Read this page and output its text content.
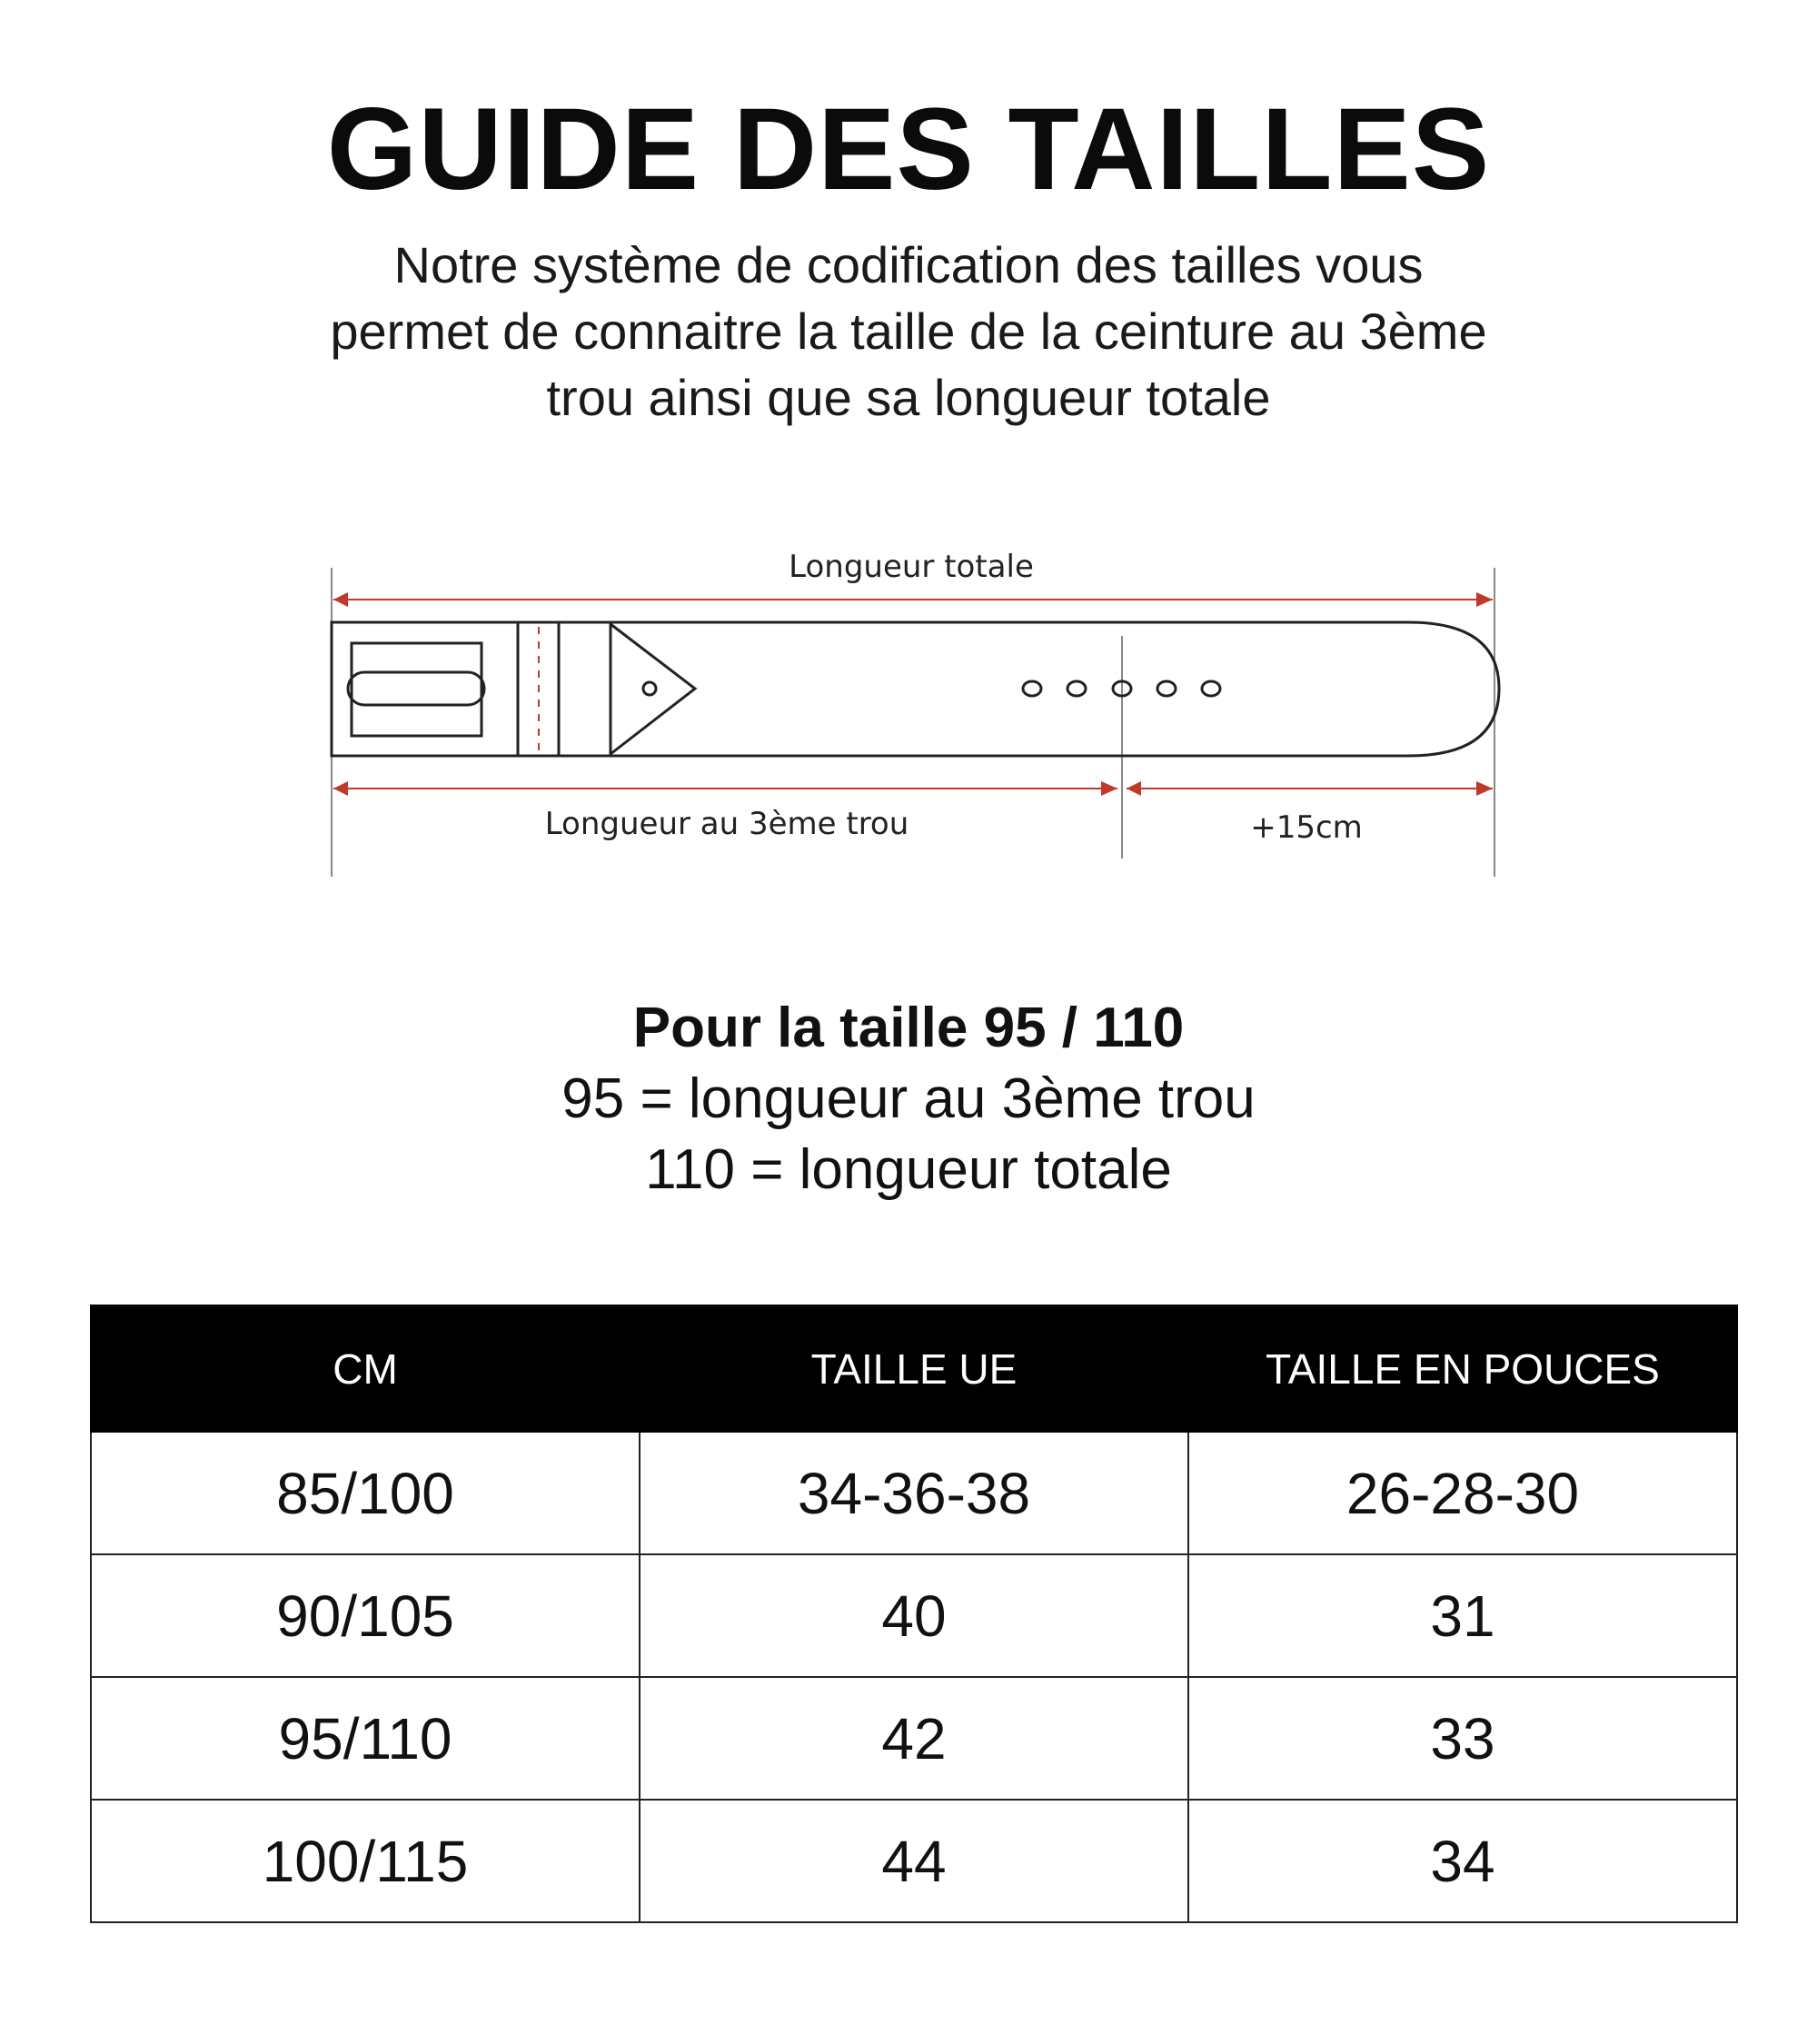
GUIDE DES TAILLES
Notre système de codification des tailles vous
permet de connaitre la taille de la ceinture au 3ème
trou ainsi que sa longueur totale
Longueur totale
Longueur au 3ème trou	+15cm
Pour la taille 95 / 110
95 = longueur au 3ème trou
110 = longueur totale
CM	TAILLE UE	TAILLE EN POUCES
85/100	34-36-38	26-28-30
90/105	40	31
95/110	42	33
100/115	44	34
